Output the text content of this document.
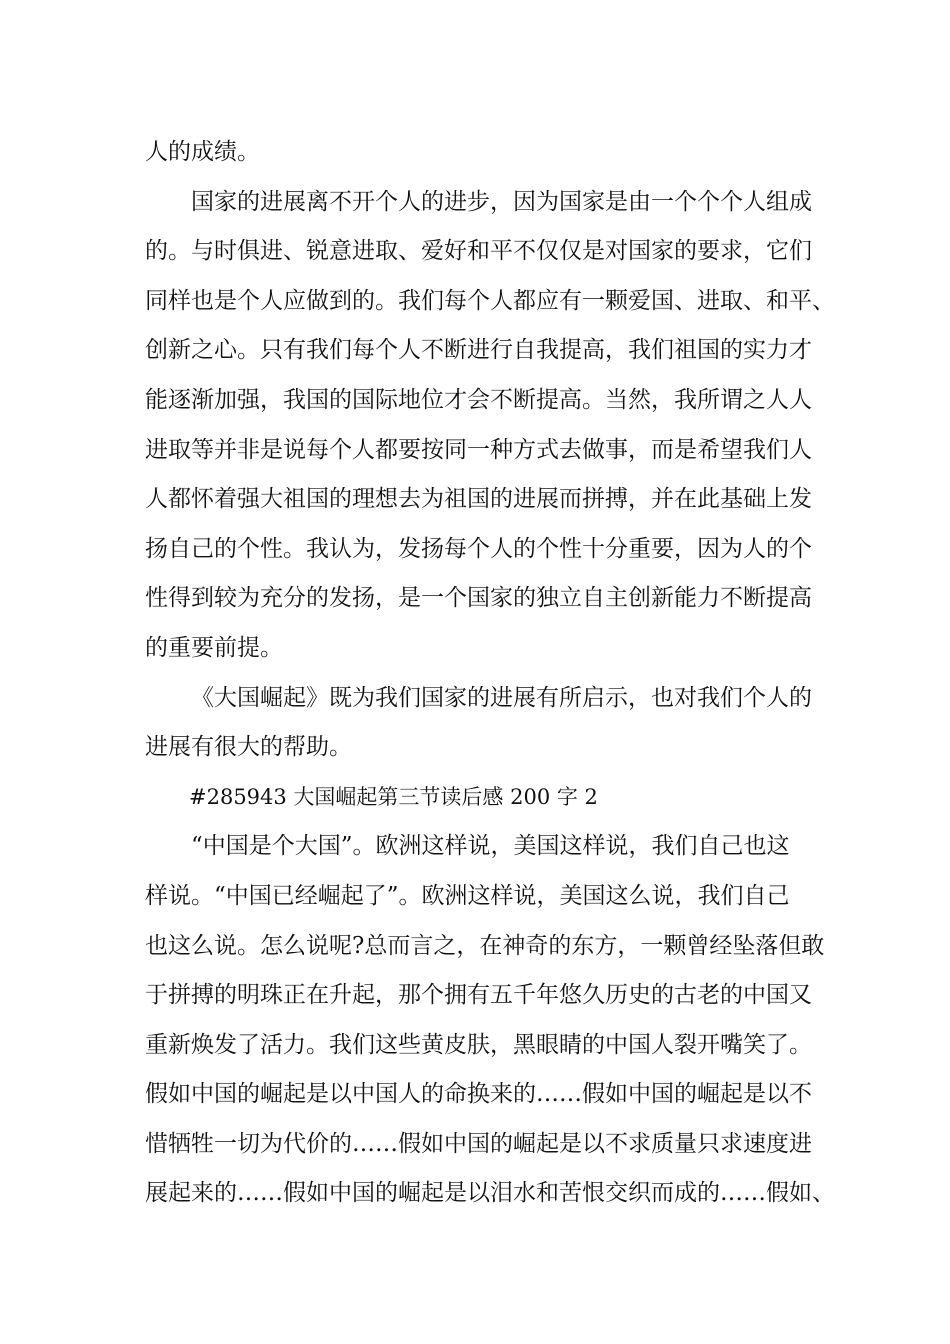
人的成绩。
国家的进展离不开个人的进步，因为国家是由一个个个人组成
的。与时俱进、锐意进取、爱好和平不仅仅是对国家的要求，它们
同样也是个人应做到的。我们每个人都应有一颗爱国、进取、和平、
创新之心。只有我们每个人不断进行自我提高，我们祖国的实力才
能逐渐加强，我国的国际地位才会不断提高。当然，我所谓之人人
进取等并非是说每个人都要按同一种方式去做事，而是希望我们人
人都怀着强大祖国的理想去为祖国的进展而拼搏，并在此基础上发
扬自己的个性。我认为，发扬每个人的个性十分重要，因为人的个
性得到较为充分的发扬，是一个国家的独立自主创新能力不断提高
的重要前提。
《大国崛起》既为我们国家的进展有所启示，也对我们个人的
进展有很大的帮助。
#285943 大国崛起第三节读后感 200 字 2
“中国是个大国”。欧洲这样说，美国这样说，我们自己也这
样说。“中国已经崛起了”。欧洲这样说，美国这么说，我们自己
也这么说。怎么说呢?总而言之，在神奇的东方，一颗曾经坠落但敢
于拼搏的明珠正在升起，那个拥有五千年悠久历史的古老的中国又
重新焕发了活力。我们这些黄皮肤，黑眼睛的中国人裂开嘴笑了。
假如中国的崛起是以中国人的命换来的……假如中国的崛起是以不
惜牺牲一切为代价的……假如中国的崛起是以不求质量只求速度进
展起来的……假如中国的崛起是以泪水和苦恨交织而成的……假如、
